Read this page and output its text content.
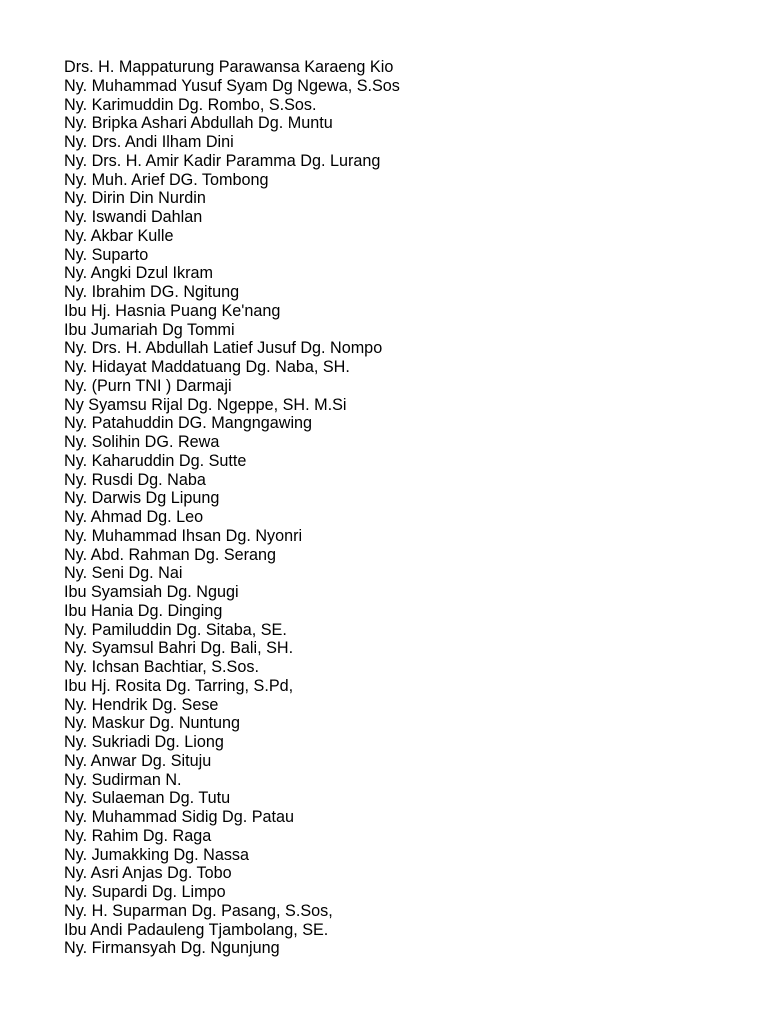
Drs. H. Mappaturung Parawansa Karaeng Kio
Ny. Muhammad Yusuf Syam Dg Ngewa, S.Sos
Ny. Karimuddin Dg. Rombo, S.Sos.
Ny. Bripka Ashari Abdullah Dg. Muntu
Ny. Drs. Andi Ilham Dini
Ny. Drs. H. Amir Kadir Paramma Dg. Lurang
Ny. Muh. Arief DG. Tombong
Ny. Dirin Din Nurdin
Ny. Iswandi Dahlan
Ny. Akbar Kulle
Ny. Suparto
Ny. Angki Dzul Ikram
Ny. Ibrahim DG. Ngitung
Ibu Hj. Hasnia Puang Ke'nang
Ibu Jumariah Dg Tommi
Ny. Drs. H. Abdullah Latief Jusuf Dg. Nompo
Ny. Hidayat Maddatuang Dg. Naba, SH.
Ny. (Purn TNI ) Darmaji
Ny Syamsu Rijal Dg. Ngeppe, SH. M.Si
Ny. Patahuddin DG. Mangngawing
Ny. Solihin DG. Rewa
Ny. Kaharuddin Dg. Sutte
Ny. Rusdi Dg. Naba
Ny. Darwis Dg Lipung
Ny. Ahmad Dg. Leo
Ny. Muhammad Ihsan Dg. Nyonri
Ny. Abd. Rahman Dg. Serang
Ny. Seni Dg. Nai
Ibu Syamsiah Dg. Ngugi
Ibu Hania Dg. Dinging
Ny. Pamiluddin Dg. Sitaba, SE.
Ny. Syamsul Bahri Dg. Bali, SH.
Ny. Ichsan Bachtiar, S.Sos.
Ibu Hj. Rosita Dg. Tarring, S.Pd,
Ny. Hendrik Dg. Sese
Ny. Maskur Dg. Nuntung
Ny. Sukriadi Dg. Liong
Ny. Anwar Dg. Situju
Ny. Sudirman N.
Ny. Sulaeman Dg. Tutu
Ny. Muhammad Sidig Dg. Patau
Ny. Rahim Dg. Raga
Ny. Jumakking Dg. Nassa
Ny. Asri Anjas Dg. Tobo
Ny. Supardi Dg. Limpo
Ny. H. Suparman Dg. Pasang, S.Sos,
Ibu Andi Padauleng Tjambolang, SE.
Ny. Firmansyah Dg. Ngunjung
